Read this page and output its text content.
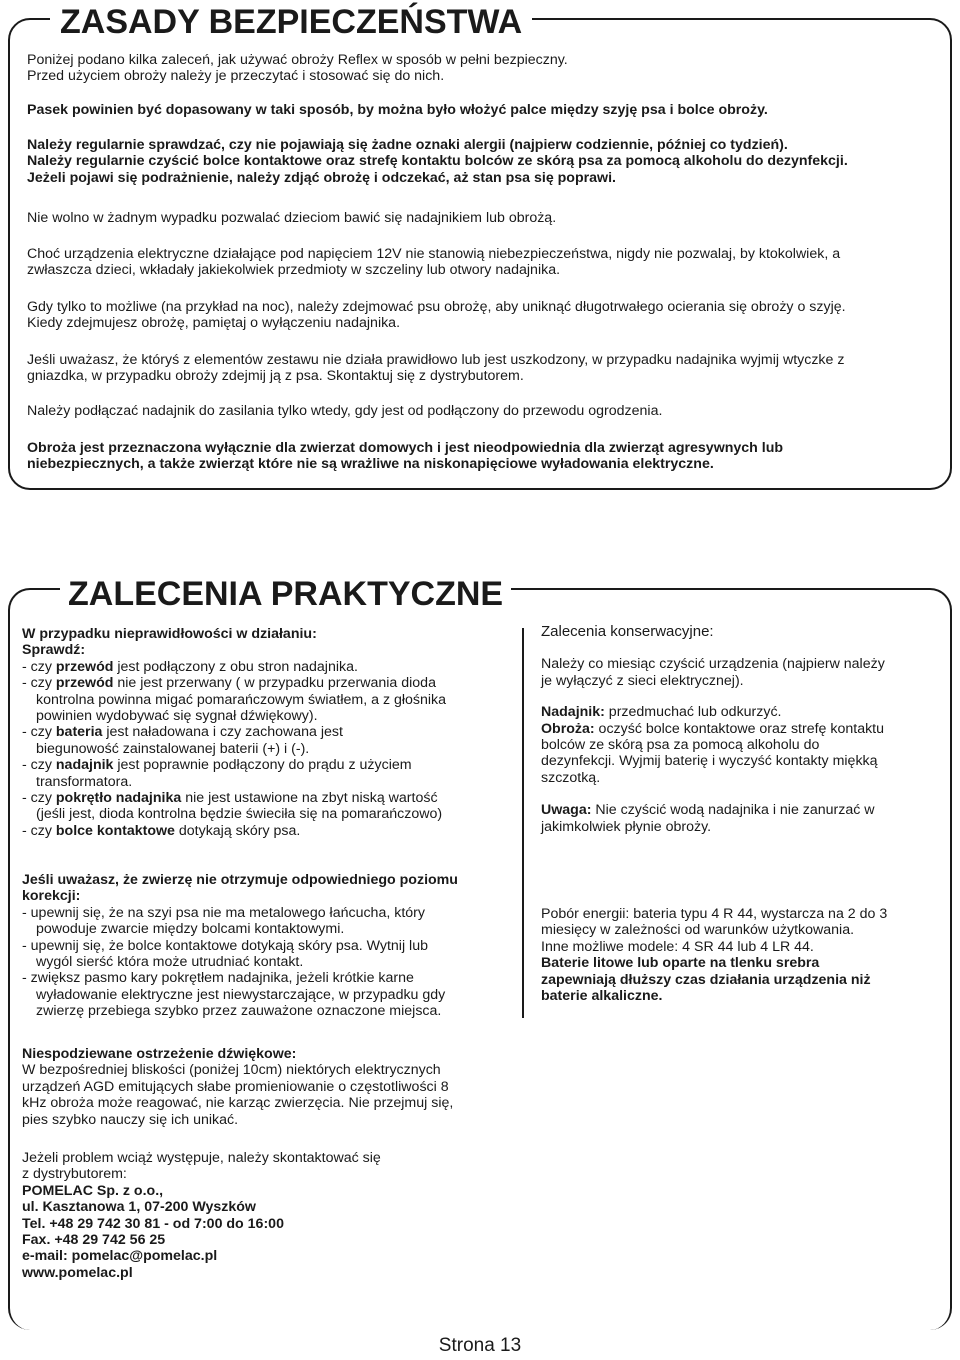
ZASADY BEZPIECZEŃSTWA
Poniżej podano kilka zaleceń, jak używać obroży Reflex w sposób w pełni bezpieczny.
Przed użyciem obroży należy je przeczytać i stosować się do nich.
Pasek powinien być dopasowany w taki sposób, by można było włożyć palce między szyję psa i bolce obroży.
Należy regularnie sprawdzać, czy nie pojawiają się żadne oznaki alergii (najpierw codziennie, później co tydzień).
Należy regularnie czyścić bolce kontaktowe oraz strefę kontaktu bolców ze skórą psa za pomocą alkoholu do dezynfekcji.
Jeżeli pojawi się podrażnienie, należy zdjąć obrożę i odczekać, aż stan psa się poprawi.
Nie wolno w żadnym wypadku pozwalać dzieciom bawić się nadajnikiem lub obrożą.
Choć urządzenia elektryczne działające pod napięciem 12V nie stanowią niebezpieczeństwa, nigdy nie pozwalaj, by ktokolwiek, a
zwłaszcza dzieci, wkładały jakiekolwiek przedmioty w szczeliny lub otwory nadajnika.
Gdy tylko to możliwe (na przykład na noc), należy zdejmować psu obrożę, aby uniknąć długotrwałego ocierania się obroży o szyję.
Kiedy zdejmujesz obrożę, pamiętaj o wyłączeniu nadajnika.
Jeśli uważasz, że któryś z elementów zestawu nie działa prawidłowo lub jest uszkodzony, w przypadku nadajnika wyjmij wtyczke z
gniazdka, w przypadku obroży zdejmij ją z psa. Skontaktuj się z dystrybutorem.
Należy podłączać nadajnik do zasilania tylko wtedy, gdy jest od podłączony do przewodu ogrodzenia.
Obroża jest przeznaczona wyłącznie dla zwierzat domowych i jest nieodpowiednia dla zwierząt agresywnych lub
niebezpiecznych, a także zwierząt które nie są wrażliwe na niskonapięciowe wyładowania elektryczne.
ZALECENIA PRAKTYCZNE

W przypadku nieprawidłowości w działaniu:

Sprawdź:

- czy przewód jest podłączony z obu stron nadajnika.

- czy przewód nie jest przerwany ( w przypadku przerwania dioda

kontrolna powinna migać pomarańczowym światłem, a z głośnika

powinien wydobywać się sygnał dźwiękowy).

- czy bateria jest naładowana i czy zachowana jest

biegunowość zainstalowanej baterii (+) i (-).

- czy nadajnik jest poprawnie podłączony do prądu z użyciem

transformatora.

- czy pokrętło nadajnika nie jest ustawione na zbyt niską wartość

(jeśli jest, dioda kontrolna będzie świeciła się na pomarańczowo)

- czy bolce kontaktowe dotykają skóry psa.

Jeśli uważasz, że zwierzę nie otrzymuje odpowiedniego poziomu

korekcji:

- upewnij się, że na szyi psa nie ma metalowego łańcucha, który

powoduje zwarcie między bolcami kontaktowymi.

- upewnij się, że bolce kontaktowe dotykają skóry psa. Wytnij lub

wygól sierść która może utrudniać kontakt.

- zwiększ pasmo kary pokrętłem nadajnika, jeżeli krótkie karne

wyładowanie elektryczne jest niewystarczające, w przypadku gdy

zwierzę przebiega szybko przez zauważone oznaczone miejsca.

Niespodziewane ostrzeżenie dźwiękowe:

W bezpośredniej bliskości (poniżej 10cm) niektórych elektrycznych

urządzeń AGD emitujących słabe promieniowanie o częstotliwości 8

kHz obroża może reagować, nie karząc zwierzęcia. Nie przejmuj się,

pies szybko nauczy się ich unikać.

Jeżeli problem wciąż występuje, należy skontaktować się

z dystrybutorem:

POMELAC Sp. z o.o.,

ul. Kasztanowa 1, 07-200 Wyszków

Tel. +48 29 742 30 81 - od 7:00 do 16:00

Fax. +48 29 742 56 25

e-mail: pomelac@pomelac.pl

www.pomelac.pl

Zalecenia konserwacyjne:

Należy co miesiąc czyścić urządzenia (najpierw należy

je wyłączyć z sieci elektrycznej).

Nadajnik: przedmuchać lub odkurzyć.

Obroża: oczyść bolce kontaktowe oraz strefę kontaktu

bolców ze skórą psa za pomocą alkoholu do

dezynfekcji. Wyjmij baterię i wyczyść kontakty miękką

szczotką.

Uwaga: Nie czyścić wodą nadajnika i nie zanurzać w

jakimkolwiek płynie obroży.

Pobór energii: bateria typu 4 R 44, wystarcza na 2 do 3

miesięcy w zależności od warunków użytkowania.

Inne możliwe modele: 4 SR 44 lub 4 LR 44.

Baterie litowe lub oparte na tlenku srebra

zapewniają dłuższy czas działania urządzenia niż

baterie alkaliczne.

Strona 13
